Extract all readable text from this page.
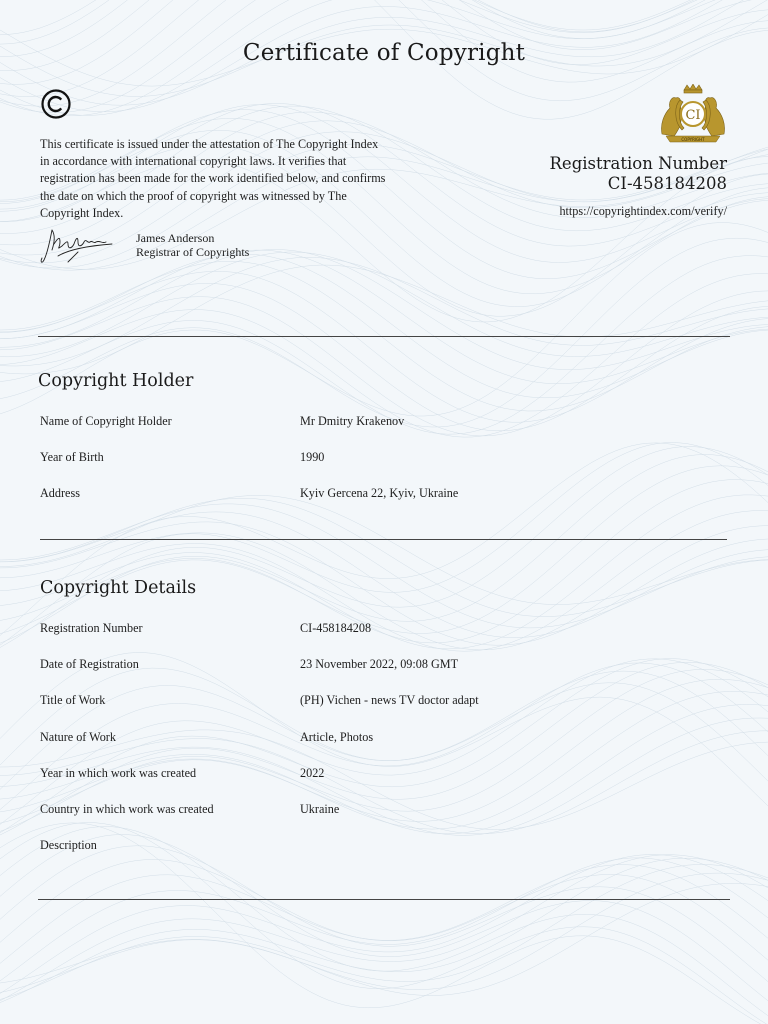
Certificate of Copyright
This certificate is issued under the attestation of The Copyright Index in accordance with international copyright laws. It verifies that registration has been made for the work identified below, and confirms the date on which the proof of copyright was witnessed by The Copyright Index.
James Anderson
Registrar of Copyrights
CI
COPYRIGHT
Registration Number
CI-458184208
https://copyrightindex.com/verify/
Copyright Holder
Name of Copyright Holder	Mr Dmitry Krakenov
Year of Birth	1990
Address	Kyiv Gercena 22, Kyiv, Ukraine
Copyright Details
Registration Number	CI-458184208
Date of Registration	23 November 2022, 09:08 GMT
Title of Work	(PH) Vichen - news TV doctor adapt
Nature of Work	Article, Photos
Year in which work was created	2022
Country in which work was created	Ukraine
Description
